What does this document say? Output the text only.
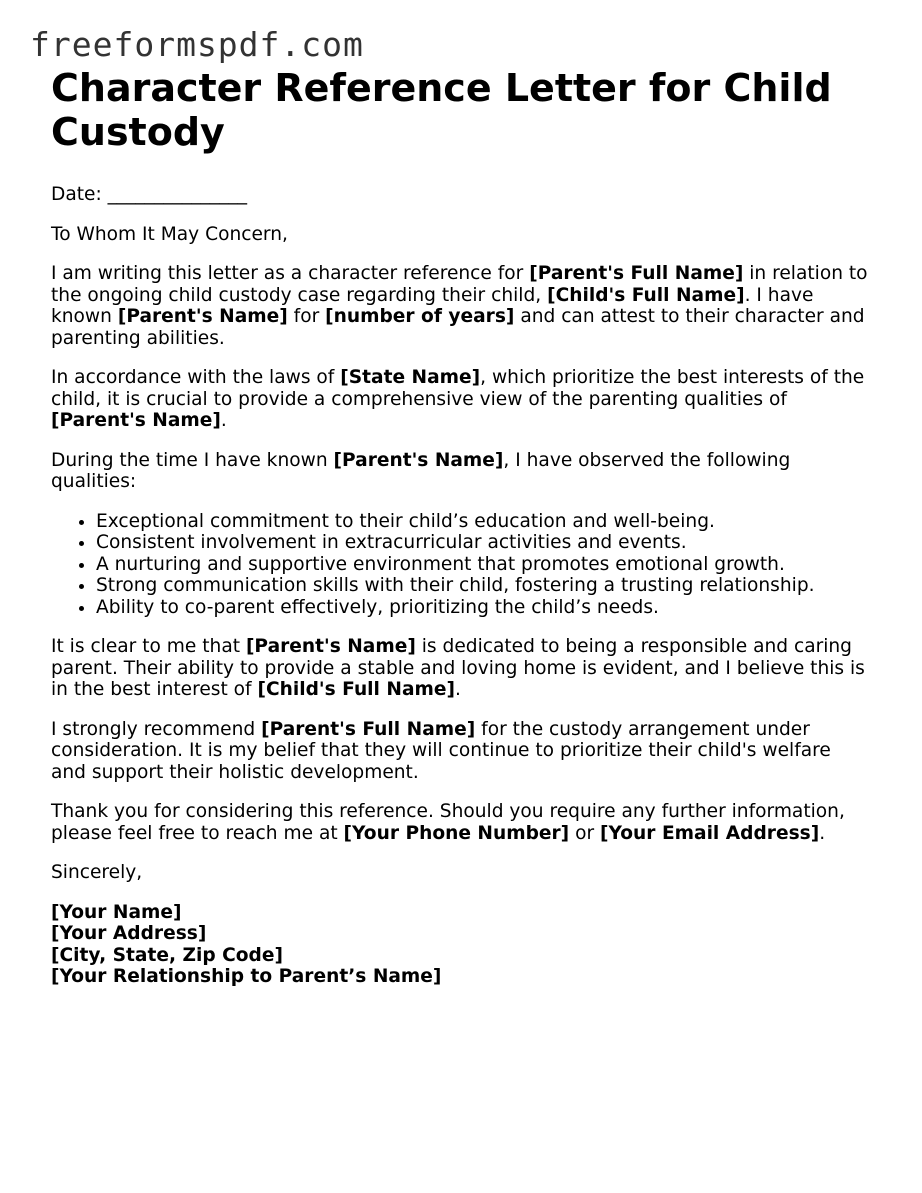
freeformspdf.com
Character Reference Letter for Child Custody

Date: _______________

To Whom It May Concern,

I am writing this letter as a character reference for [Parent's Full Name] in relation to the ongoing child custody case regarding their child, [Child's Full Name]. I have known [Parent's Name] for [number of years] and can attest to their character and parenting abilities.

In accordance with the laws of [State Name], which prioritize the best interests of the child, it is crucial to provide a comprehensive view of the parenting qualities of [Parent's Name].

During the time I have known [Parent's Name], I have observed the following qualities:

• Exceptional commitment to their child’s education and well-being.
• Consistent involvement in extracurricular activities and events.
• A nurturing and supportive environment that promotes emotional growth.
• Strong communication skills with their child, fostering a trusting relationship.
• Ability to co-parent effectively, prioritizing the child’s needs.

It is clear to me that [Parent's Name] is dedicated to being a responsible and caring parent. Their ability to provide a stable and loving home is evident, and I believe this is in the best interest of [Child's Full Name].

I strongly recommend [Parent's Full Name] for the custody arrangement under consideration. It is my belief that they will continue to prioritize their child's welfare and support their holistic development.

Thank you for considering this reference. Should you require any further information, please feel free to reach me at [Your Phone Number] or [Your Email Address].

Sincerely,

[Your Name]
[Your Address]
[City, State, Zip Code]
[Your Relationship to Parent’s Name]
